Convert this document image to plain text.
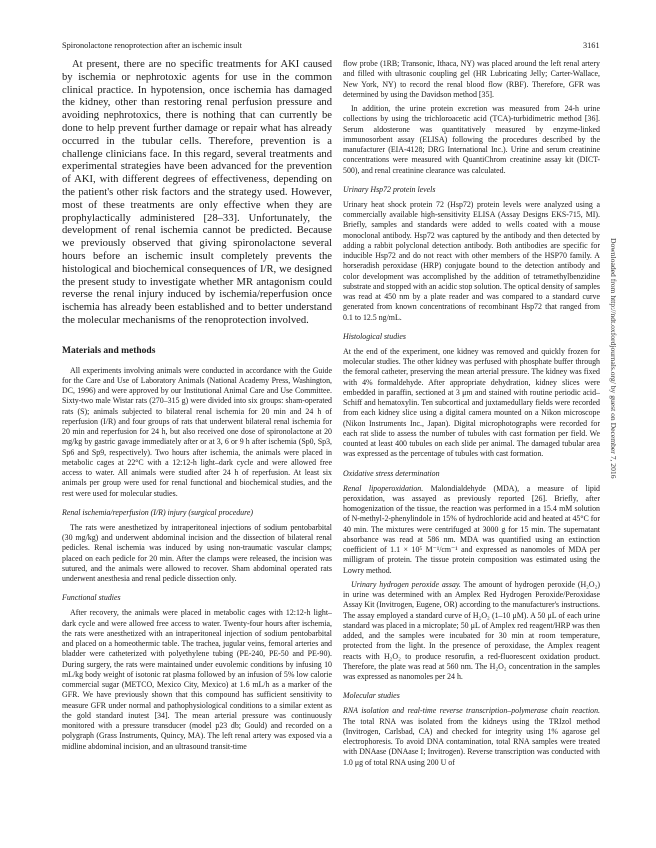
Spironolactone renoprotection after an ischemic insult	3161

At present, there are no specific treatments for AKI caused by ischemia or nephrotoxic agents for use in the common clinical practice. In hypotension, once ischemia has damaged the kidney, other than restoring renal perfusion pressure and avoiding nephrotoxics, there is nothing that can currently be done to help prevent further damage or repair what has already occurred in the tubular cells. Therefore, prevention is a challenge clinicians face. In this regard, several treatments and experimental strategies have been advanced for the prevention of AKI, with different degrees of effectiveness, depending on the patient's other risk factors and the strategy used. However, most of these treatments are only effective when they are prophylactically administered [28–33]. Unfortunately, the development of renal ischemia cannot be predicted. Because we previously observed that giving spironolactone several hours before an ischemic insult completely prevents the histological and biochemical consequences of I/R, we designed the present study to investigate whether MR antagonism could reverse the renal injury induced by ischemia/reperfusion once ischemia has already been established and to better understand the molecular mechanisms of the renoprotection involved.

Materials and methods

All experiments involving animals were conducted in accordance with the Guide for the Care and Use of Laboratory Animals (National Academy Press, Washington, DC, 1996) and were approved by our Institutional Animal Care and Use Committee. Sixty-two male Wistar rats (270–315 g) were divided into six groups: sham-operated rats (S); animals subjected to bilateral renal ischemia for 20 min and 24 h of reperfusion (I/R) and four groups of rats that underwent bilateral renal ischemia for 20 min and reperfusion for 24 h, but also received one dose of spironolactone at 20 mg/kg by gastric gavage immediately after or at 3, 6 or 9 h after ischemia (Sp0, Sp3, Sp6 and Sp9, respectively). Two hours after ischemia, the animals were placed in metabolic cages at 22°C with a 12:12-h light–dark cycle and were allowed free access to water. All animals were studied after 24 h of reperfusion. At least six animals per group were used for renal functional and biochemical studies, and the rest were used for molecular studies.

Renal ischemia/reperfusion (I/R) injury (surgical procedure)

The rats were anesthetized by intraperitoneal injections of sodium pentobarbital (30 mg/kg) and underwent abdominal incision and the dissection of bilateral renal pedicles. Renal ischemia was induced by using non-traumatic vascular clamps; placed on each pedicle for 20 min. After the clamps were released, the incision was sutured, and the animals were allowed to recover. Sham abdominal operated rats underwent anesthesia and renal pedicle dissection only.

Functional studies

After recovery, the animals were placed in metabolic cages with 12:12-h light–dark cycle and were allowed free access to water. Twenty-four hours after ischemia, the rats were anesthetized with an intraperitoneal injection of sodium pentobarbital and placed on a homeothermic table. The trachea, jugular veins, femoral arteries and bladder were catheterized with polyethylene tubing (PE-240, PE-50 and PE-90). During surgery, the rats were maintained under euvolemic conditions by infusing 10 mL/kg body weight of isotonic rat plasma followed by an infusion of 5% low calorie commercial sugar (METCO, Mexico City, Mexico) at 1.6 mL/h as a marker of the GFR. We have previously shown that this compound has sufficient sensitivity to measure GFR under normal and pathophysiological conditions to a similar extent as the gold standard inutest [34]. The mean arterial pressure was continuously monitored with a pressure transducer (model p23 db; Gould) and recorded on a polygraph (Grass Instruments, Quincy, MA). The left renal artery was exposed via a midline abdominal incision, and an ultrasound transit-time

flow probe (1RB; Transonic, Ithaca, NY) was placed around the left renal artery and filled with ultrasonic coupling gel (HR Lubricating Jelly; Carter-Wallace, New York, NY) to record the renal blood flow (RBF). Therefore, GFR was determined by using the Davidson method [35].

In addition, the urine protein excretion was measured from 24-h urine collections by using the trichloroacetic acid (TCA)-turbidimetric method [36]. Serum aldosterone was quantitatively measured by enzyme-linked immunosorbent assay (ELISA) following the procedures described by the manufacturer (EIA-4128; DRG International Inc.). Urine and serum creatinine concentrations were measured with QuantiChrom creatinine assay kit (DICT-500), and renal creatinine clearance was calculated.

Urinary Hsp72 protein levels

Urinary heat shock protein 72 (Hsp72) protein levels were analyzed using a commercially available high-sensitivity ELISA (Assay Designs EKS-715, MI). Briefly, samples and standards were added to wells coated with a mouse monoclonal antibody. Hsp72 was captured by the antibody and then detected by adding a rabbit polyclonal detection antibody. Both antibodies are specific for inducible Hsp72 and do not react with other members of the HSP70 family. A horseradish peroxidase (HRP) conjugate bound to the detection antibody and color development was accomplished by the addition of tetramethylbenzidine substrate and stopped with an acidic stop solution. The optical density of samples was read at 450 nm by a plate reader and was compared to a standard curve generated from known concentrations of recombinant Hsp72 that ranged from 0.1 to 12.5 ng/mL.

Histological studies

At the end of the experiment, one kidney was removed and quickly frozen for molecular studies. The other kidney was perfused with phosphate buffer through the femoral catheter, preserving the mean arterial pressure. The kidney was fixed with 4% formaldehyde. After appropriate dehydration, kidney slices were embedded in paraffin, sectioned at 3 μm and stained with routine periodic acid–Schiff and hematoxylin. Ten subcortical and juxtamedullary fields were recorded from each kidney slice using a digital camera mounted on a Nikon microscope (Nikon Instruments Inc., Japan). Digital microphotographs were recorded for each rat slide to assess the number of tubules with cast formation per field. We counted at least 400 tubules on each slide per animal. The damaged tubular area was expressed as the percentage of tubules with cast formation.

Oxidative stress determination

Renal lipoperoxidation. Malondialdehyde (MDA), a measure of lipid peroxidation, was assayed as previously reported [26]. Briefly, after homogenization of the tissue, the reaction was performed in a 15.4 mM solution of N-methyl-2-phenylindole in 15% of hydrochloride acid and heated at 45°C for 40 min. The mixtures were centrifuged at 3000 g for 15 min. The supernatant absorbance was read at 586 nm. MDA was quantified using an extinction coefficient of 1.1 × 10⁵ M⁻¹/cm⁻¹ and expressed as nanomoles of MDA per milligram of protein. The tissue protein composition was estimated using the Lowry method.

Urinary hydrogen peroxide assay. The amount of hydrogen peroxide (H₂O₂) in urine was determined with an Amplex Red Hydrogen Peroxide/Peroxidase Assay Kit (Invitrogen, Eugene, OR) according to the manufacturer's instructions. The assay employed a standard curve of H₂O₂ (1–10 μM). A 50 μL of each urine standard was placed in a microplate; 50 μL of Amplex red reagent/HRP was then added, and the samples were incubated for 30 min at room temperature, protected from the light. In the presence of peroxidase, the Amplex reagent reacts with H₂O₂ to produce resorufin, a red-fluorescent oxidation product. Therefore, the plate was read at 560 nm. The H₂O₂ concentration in the samples was expressed as nanomoles per 24 h.

Molecular studies

RNA isolation and real-time reverse transcription–polymerase chain reaction. The total RNA was isolated from the kidneys using the TRIzol method (Invitrogen, Carlsbad, CA) and checked for integrity using 1% agarose gel electrophoresis. To avoid DNA contamination, total RNA samples were treated with DNAase (DNAase I; Invitrogen). Reverse transcription was conducted with 1.0 μg of total RNA using 200 U of

Downloaded from http://ndt.oxfordjournals.org/ by guest on December 7, 2016
